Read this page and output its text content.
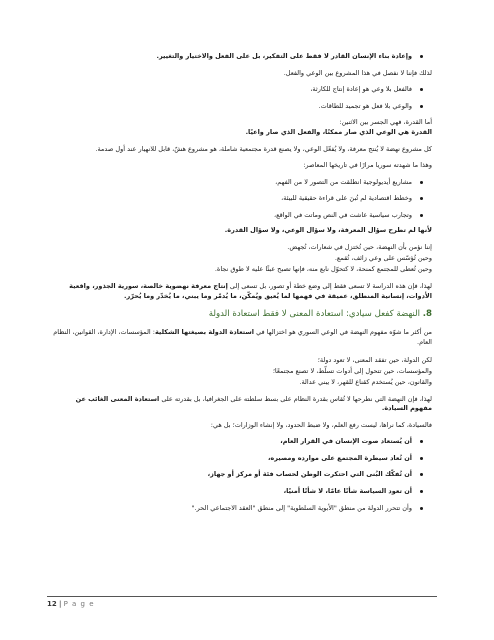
وإعادة بناء الإنسان القادر لا فقط على التفكير، بل على الفعل والاختيار والتغيير.

لذلك فإننا لا نفصل في هذا المشروع بين الوعي والفعل.

فالفعل بلا وعي هو إعادة إنتاج للكارثة،
والوعي بلا فعل هو تجميد للطاقات.

أما القدرة، فهي الجسر بين الاثنين:
القدرة هي الوعي الذي صار ممكنًا، والفعل الذي صار واعيًا.

كل مشروع نهضة لا يُنتج معرفة، ولا يُفعّل الوعي، ولا يصنع قدرة مجتمعية شاملة، هو مشروع هشّ، قابل للانهيار عند أول صدمة.

وهذا ما شهدته سوريا مرارًا في تاريخها المعاصر:

مشاريع أيديولوجية انطلقت من التصور لا من الفهم،
وخطط اقتصادية لم تُبنَ على قراءة حقيقية للبيئة،
وتجارب سياسية عاشت في النص وماتت في الواقع،

لأنها لم تطرح سؤال المعرفة، ولا سؤال الوعي، ولا سؤال القدرة.

إننا نؤمن بأن النهضة، حين تُختزل في شعارات، تُجهض.
وحين تُؤسّس على وعي زائف، تُقمع.
وحين تُعطى للمجتمع كمنحة، لا كتحوّل نابع منه، فإنها تصبح عبئًا عليه لا طوق نجاة.

لهذا، فإن هذه الدراسة لا تسعى فقط إلى وضع خطة أو تصور، بل تسعى إلى إنتاج معرفة نهضوية خالصة، سورية الجذور، واقعية الأدوات، إنسانية المنطلق، عميقة في فهمها لما يُعيق ويُمكّن، ما يُدمّر وما يبني، ما يُخدّر وما يُحرّر.

8. النهضة كفعل سيادي: استعادة المعنى لا فقط استعادة الدولة

من أكثر ما شوّه مفهوم النهضة في الوعي السوري هو اختزالها في استعادة الدولة بصيغتها الشكلية: المؤسسات، الإدارة، القوانين، النظام العام.

لكن الدولة، حين تفقد المعنى، لا تعود دولة؛
والمؤسسات، حين تتحول إلى أدوات تسلّط، لا تصنع مجتمعًا؛
والقانون، حين يُستخدم كقناع للقهر، لا يبني عدالة.

لهذا، فإن النهضة التي نطرحها لا تُقاس بقدرة النظام على بسط سلطته على الجغرافيا، بل بقدرته على استعادة المعنى الغائب عن مفهوم السيادة.

فالسيادة، كما نراها، ليست رفع العلم، ولا ضبط الحدود، ولا إنشاء الوزارات؛ بل هي:

أن يُستعاد صوت الإنسان في القرار العام،
أن تُعاد سيطرة المجتمع على موارده ومصيره،
أن تُفكّك البُنى التي احتكرت الوطن لحساب فئة أو مركز أو جهاز،
أن تعود السياسة شأنًا عامًا، لا شأنًا أمنيًا،
وأن تتحرر الدولة من منطق "الأبوية السلطوية" إلى منطق "العقد الاجتماعي الحر."
12 | P a g e
